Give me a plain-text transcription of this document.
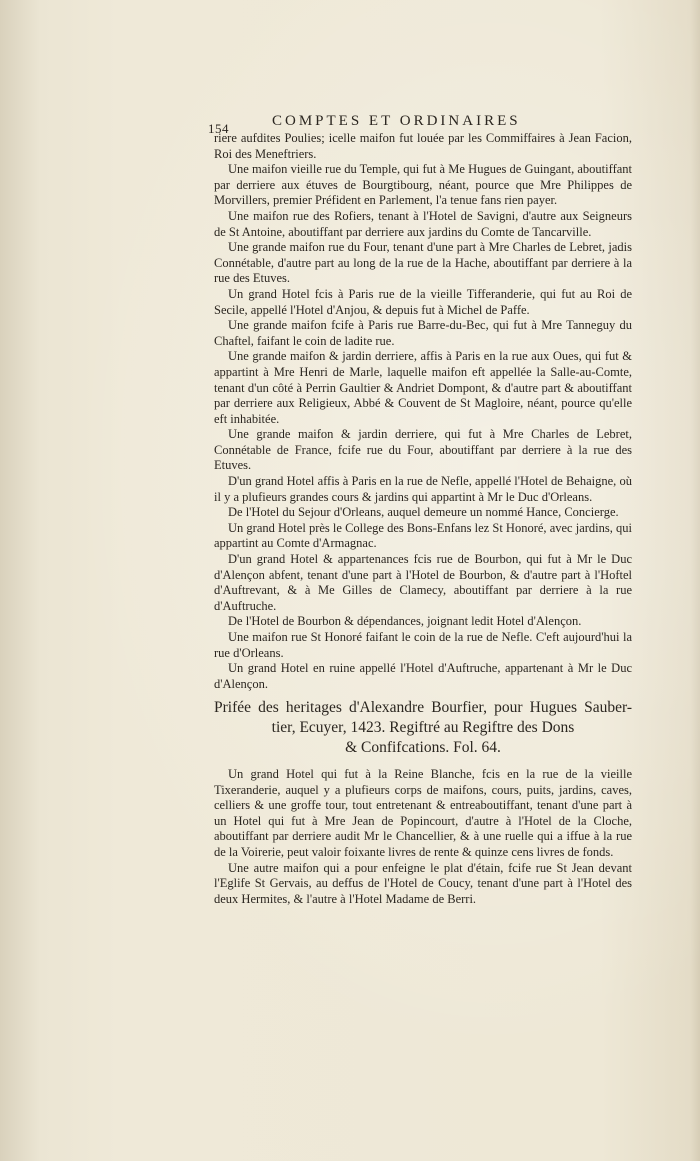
154	COMPTES ET ORDINAIRES

riere aufdites Poulies; icelle maifon fut louée par les Commiffaires à Jean Facion, Roi des Meneftriers.

Une maifon vieille rue du Temple, qui fut à Me Hugues de Guingant, aboutiffant par derriere aux étuves de Bourgtibourg, néant, pource que Mre Philippes de Morvillers, premier Préfident en Parlement, l'a tenue fans rien payer.

Une maifon rue des Rofiers, tenant à l'Hotel de Savigni, d'autre aux Seigneurs de St Antoine, aboutiffant par derriere aux jardins du Comte de Tancarville.

Une grande maifon rue du Four, tenant d'une part à Mre Charles de Lebret, jadis Connétable, d'autre part au long de la rue de la Hache, aboutiffant par derriere à la rue des Etuves.

Un grand Hotel fcis à Paris rue de la vieille Tifferanderie, qui fut au Roi de Secile, appellé l'Hotel d'Anjou, & depuis fut à Michel de Paffe.

Une grande maifon fcife à Paris rue Barre-du-Bec, qui fut à Mre Tanneguy du Chaftel, faifant le coin de ladite rue.

Une grande maifon & jardin derriere, affis à Paris en la rue aux Oues, qui fut & appartint à Mre Henri de Marle, laquelle maifon eft appellée la Salle-au-Comte, tenant d'un côté à Perrin Gaultier & Andriet Dompont, & d'autre part & aboutiffant par derriere aux Religieux, Abbé & Couvent de St Magloire, néant, pource qu'elle eft inhabitée.

Une grande maifon & jardin derriere, qui fut à Mre Charles de Lebret, Connétable de France, fcife rue du Four, aboutiffant par derriere à la rue des Etuves.

D'un grand Hotel affis à Paris en la rue de Nefle, appellé l'Hotel de Behaigne, où il y a plufieurs grandes cours & jardins qui appartint à Mr le Duc d'Orleans.

De l'Hotel du Sejour d'Orleans, auquel demeure un nommé Hance, Concierge.

Un grand Hotel près le College des Bons-Enfans lez St Honoré, avec jardins, qui appartint au Comte d'Armagnac.

D'un grand Hotel & appartenances fcis rue de Bourbon, qui fut à Mr le Duc d'Alençon abfent, tenant d'une part à l'Hotel de Bourbon, & d'autre part à l'Hoftel d'Auftrevant, & à Me Gilles de Clamecy, aboutiffant par derriere à la rue d'Auftruche.

De l'Hotel de Bourbon & dépendances, joignant ledit Hotel d'Alençon.

Une maifon rue St Honoré faifant le coin de la rue de Nefle. C'eft aujourd'hui la rue d'Orleans.

Un grand Hotel en ruine appellé l'Hotel d'Auftruche, appartenant à Mr le Duc d'Alençon.

Prifée des heritages d'Alexandre Bourfier, pour Hugues Sauber-
tier, Ecuyer, 1423. Regiftré au Regiftre des Dons
& Confifcations. Fol. 64.

Un grand Hotel qui fut à la Reine Blanche, fcis en la rue de la vieille Tixeranderie, auquel y a plufieurs corps de maifons, cours, puits, jardins, caves, celliers & une groffe tour, tout entretenant & entreaboutiffant, tenant d'une part à un Hotel qui fut à Mre Jean de Popincourt, d'autre à l'Hotel de la Cloche, aboutiffant par derriere audit Mr le Chancellier, & à une ruelle qui a iffue à la rue de la Voirerie, peut valoir foixante livres de rente & quinze cens livres de fonds.

Une autre maifon qui a pour enfeigne le plat d'étain, fcife rue St Jean devant l'Eglife St Gervais, au deffus de l'Hotel de Coucy, tenant d'une part à l'Hotel des deux Hermites, & l'autre à l'Hotel Madame de Berri.
